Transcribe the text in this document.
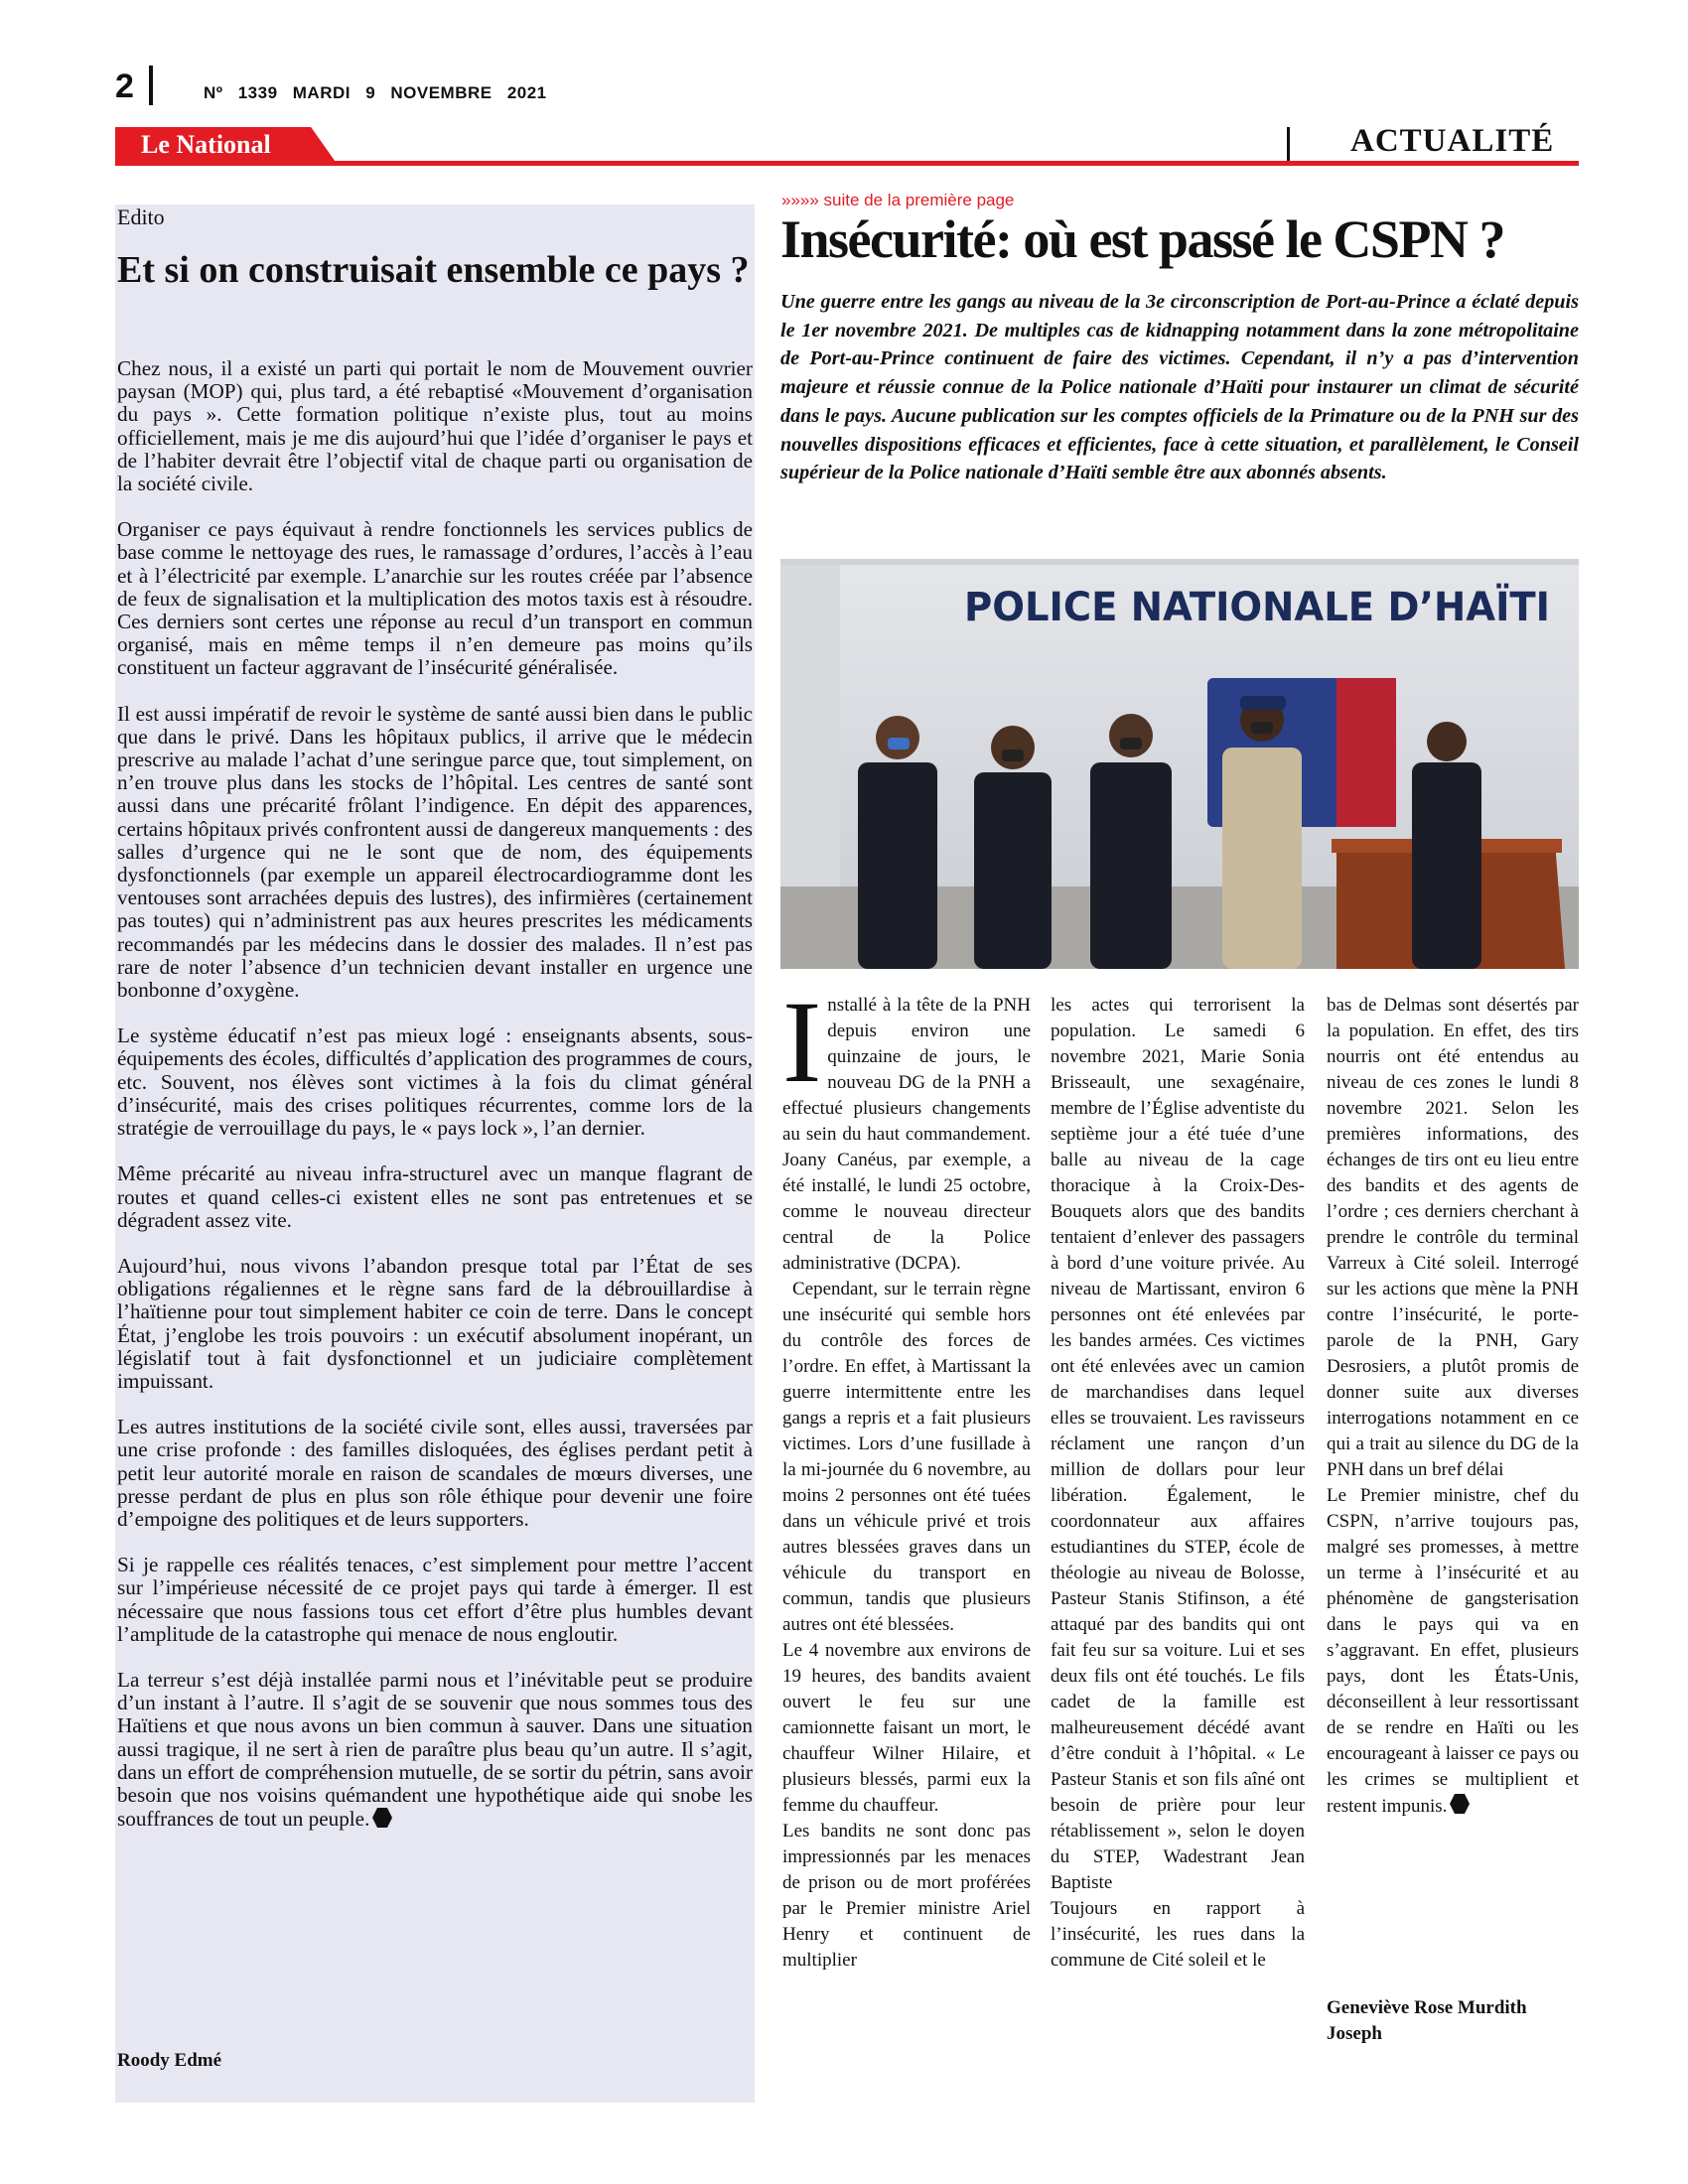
2	Nº 1339 MARDI 9 NOVEMBRE 2021
Le National	ACTUALITÉ
Edito
Et si on construisait ensemble ce pays ?

Chez nous, il a existé un parti qui portait le nom de Mouvement ouvrier paysan (MOP) qui, plus tard, a été rebaptisé «Mouvement d’organisation du pays ». Cette formation politique n’existe plus, tout au moins officiellement, mais je me dis aujourd’hui que l’idée d’organiser le pays et de l’habiter devrait être l’objectif vital de chaque parti ou organisation de la société civile.

Organiser ce pays équivaut à rendre fonctionnels les services publics de base comme le nettoyage des rues, le ramassage d’ordures, l’accès à l’eau et à l’électricité par exemple. L’anarchie sur les routes créée par l’absence de feux de signalisation et la multiplication des motos taxis est à résoudre. Ces derniers sont certes une réponse au recul d’un transport en commun organisé, mais en même temps il n’en demeure pas moins qu’ils constituent un facteur aggravant de l’insécurité généralisée.

Il est aussi impératif de revoir le système de santé aussi bien dans le public que dans le privé. Dans les hôpitaux publics, il arrive que le médecin prescrive au malade l’achat d’une seringue parce que, tout simplement, on n’en trouve plus dans les stocks de l’hôpital. Les centres de santé sont aussi dans une précarité frôlant l’indigence. En dépit des apparences, certains hôpitaux privés confrontent aussi de dangereux manquements : des salles d’urgence qui ne le sont que de nom, des équipements dysfonctionnels (par exemple un appareil électrocardiogramme dont les ventouses sont arrachées depuis des lustres), des infirmières (certainement pas toutes) qui n’administrent pas aux heures prescrites les médicaments recommandés par les médecins dans le dossier des malades. Il n’est pas rare de noter l’absence d’un technicien devant installer en urgence une bonbonne d’oxygène.

Le système éducatif n’est pas mieux logé : enseignants absents, sous-équipements des écoles, difficultés d’application des programmes de cours, etc. Souvent, nos élèves sont victimes à la fois du climat général d’insécurité, mais des crises politiques récurrentes, comme lors de la stratégie de verrouillage du pays, le « pays lock », l’an dernier.

Même précarité au niveau infra-structurel avec un manque flagrant de routes et quand celles-ci existent elles ne sont pas entretenues et se dégradent assez vite.

Aujourd’hui, nous vivons l’abandon presque total par l’État de ses obligations régaliennes et le règne sans fard de la débrouillardise à l’haïtienne pour tout simplement habiter ce coin de terre. Dans le concept État, j’englobe les trois pouvoirs : un exécutif absolument inopérant, un législatif tout à fait dysfonctionnel et un judiciaire complètement impuissant.

Les autres institutions de la société civile sont, elles aussi, traversées par une crise profonde : des familles disloquées, des églises perdant petit à petit leur autorité morale en raison de scandales de mœurs diverses, une presse perdant de plus en plus son rôle éthique pour devenir une foire d’empoigne des politiques et de leurs supporters.

Si je rappelle ces réalités tenaces, c’est simplement pour mettre l’accent sur l’impérieuse nécessité de ce projet pays qui tarde à émerger. Il est nécessaire que nous fassions tous cet effort d’être plus humbles devant l’amplitude de la catastrophe qui menace de nous engloutir.

La terreur s’est déjà installée parmi nous et l’inévitable peut se produire d’un instant à l’autre. Il s’agit de se souvenir que nous sommes tous des Haïtiens et que nous avons un bien commun à sauver. Dans une situation aussi tragique, il ne sert à rien de paraître plus beau qu’un autre. Il s’agit, dans un effort de compréhension mutuelle, de se sortir du pétrin, sans avoir besoin que nos voisins quémandent une hypothétique aide qui snobe les souffrances de tout un peuple.

Roody Edmé
»»»» suite de la première page
Insécurité: où est passé le CSPN ?
Une guerre entre les gangs au niveau de la 3e circonscription de Port-au-Prince a éclaté depuis le 1er novembre 2021. De multiples cas de kidnapping notamment dans la zone métropolitaine de Port-au-Prince continuent de faire des victimes. Cependant, il n’y a pas d’intervention majeure et réussie connue de la Police nationale d’Haïti pour instaurer un climat de sécurité dans le pays. Aucune publication sur les comptes officiels de la Primature ou de la PNH sur des nouvelles dispositions efficaces et efficientes, face à cette situation, et parallèlement, le Conseil supérieur de la Police nationale d’Haïti semble être aux abonnés absents.
POLICE NATIONALE D’HAÏTI
I nstallé à la tête de la PNH depuis environ une quinzaine de jours, le nouveau DG de la PNH a effectué plusieurs changements au sein du haut commandement. Joany Canéus, par exemple, a été installé, le lundi 25 octobre, comme le nouveau directeur central de la Police administrative (DCPA).
Cependant, sur le terrain règne une insécurité qui semble hors du contrôle des forces de l’ordre. En effet, à Martissant la guerre intermittente entre les gangs a repris et a fait plusieurs victimes. Lors d’une fusillade à la mi-journée du 6 novembre, au moins 2 personnes ont été tuées dans un véhicule privé et trois autres blessées graves dans un véhicule du transport en commun, tandis que plusieurs autres ont été blessées.
Le 4 novembre aux environs de 19 heures, des bandits avaient ouvert le feu sur une camionnette faisant un mort, le chauffeur Wilner Hilaire, et plusieurs blessés, parmi eux la femme du chauffeur.
Les bandits ne sont donc pas impressionnés par les menaces de prison ou de mort proférées par le Premier ministre Ariel Henry et continuent de multiplier
les actes qui terrorisent la population. Le samedi 6 novembre 2021, Marie Sonia Brisseault, une sexagénaire, membre de l’Église adventiste du septième jour a été tuée d’une balle au niveau de la cage thoracique à la Croix-Des-Bouquets alors que des bandits tentaient d’enlever des passagers à bord d’une voiture privée. Au niveau de Martissant, environ 6 personnes ont été enlevées par les bandes armées. Ces victimes ont été enlevées avec un camion de marchandises dans lequel elles se trouvaient. Les ravisseurs réclament une rançon d’un million de dollars pour leur libération. Également, le coordonnateur aux affaires estudiantines du STEP, école de théologie au niveau de Bolosse, Pasteur Stanis Stifinson, a été attaqué par des bandits qui ont fait feu sur sa voiture. Lui et ses deux fils ont été touchés. Le fils cadet de la famille est malheureusement décédé avant d’être conduit à l’hôpital. « Le Pasteur Stanis et son fils aîné ont besoin de prière pour leur rétablissement », selon le doyen du STEP, Wadestrant Jean Baptiste
Toujours en rapport à l’insécurité, les rues dans la commune de Cité soleil et le
bas de Delmas sont désertés par la population. En effet, des tirs nourris ont été entendus au niveau de ces zones le lundi 8 novembre 2021. Selon les premières informations, des échanges de tirs ont eu lieu entre des bandits et des agents de l’ordre ; ces derniers cherchant à prendre le contrôle du terminal Varreux à Cité soleil. Interrogé sur les actions que mène la PNH contre l’insécurité, le porte-parole de la PNH, Gary Desrosiers, a plutôt promis de donner suite aux diverses interrogations notamment en ce qui a trait au silence du DG de la PNH dans un bref délai
Le Premier ministre, chef du CSPN, n’arrive toujours pas, malgré ses promesses, à mettre un terme à l’insécurité et au phénomène de gangsterisation dans le pays qui va en s’aggravant. En effet, plusieurs pays, dont les États-Unis, déconseillent à leur ressortissant de se rendre en Haïti ou les encourageant à laisser ce pays ou les crimes se multiplient et restent impunis.
Geneviève Rose Murdith Joseph
